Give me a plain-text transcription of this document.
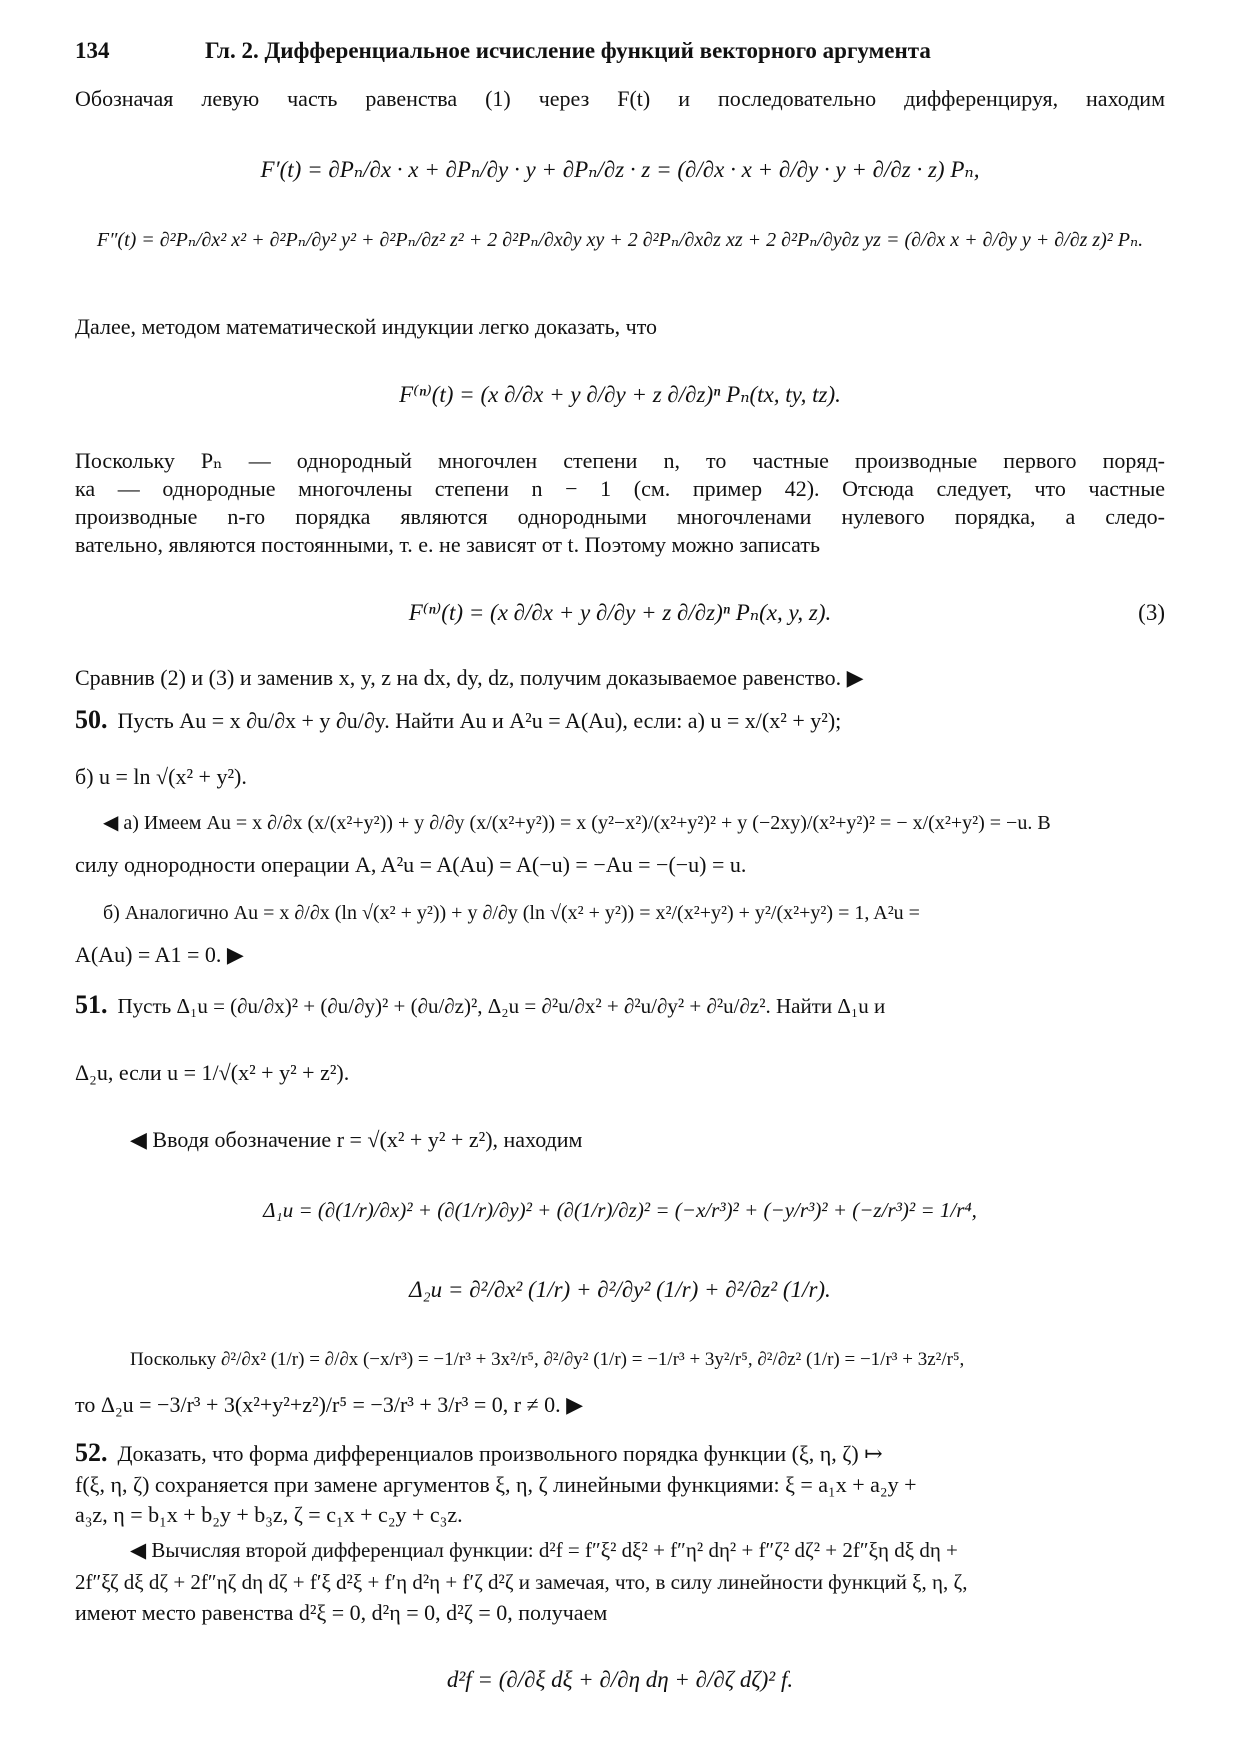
134	Гл. 2. Дифференциальное исчисление функций векторного аргумента
Обозначая левую часть равенства (1) через F(t) и последовательно дифференцируя, находим
F′(t) = ∂Pₙ/∂x · x + ∂Pₙ/∂y · y + ∂Pₙ/∂z · z = (∂/∂x · x + ∂/∂y · y + ∂/∂z · z) Pₙ,
F″(t) = ∂²Pₙ/∂x² x² + ∂²Pₙ/∂y² y² + ∂²Pₙ/∂z² z² + 2 ∂²Pₙ/∂x∂y xy + 2 ∂²Pₙ/∂x∂z xz + 2 ∂²Pₙ/∂y∂z yz = (∂/∂x x + ∂/∂y y + ∂/∂z z)² Pₙ.
Далее, методом математической индукции легко доказать, что
F⁽ⁿ⁾(t) = (x ∂/∂x + y ∂/∂y + z ∂/∂z)ⁿ Pₙ(tx, ty, tz).
Поскольку Pₙ — однородный многочлен степени n, то частные производные первого поряд-
ка — однородные многочлены степени n − 1 (см. пример 42). Отсюда следует, что частные
производные n-го порядка являются однородными многочленами нулевого порядка, а следо-
вательно, являются постоянными, т. е. не зависят от t. Поэтому можно записать
F⁽ⁿ⁾(t) = (x ∂/∂x + y ∂/∂y + z ∂/∂z)ⁿ Pₙ(x, y, z).	(3)
Сравнив (2) и (3) и заменив x, y, z на dx, dy, dz, получим доказываемое равенство. ▶
50. Пусть Au = x ∂u/∂x + y ∂u/∂y. Найти Au и A²u = A(Au), если: а) u = x/(x² + y²);
б) u = ln √(x² + y²).
◀ а) Имеем Au = x ∂/∂x (x/(x²+y²)) + y ∂/∂y (x/(x²+y²)) = x (y²−x²)/(x²+y²)² + y (−2xy)/(x²+y²)² = − x/(x²+y²) = −u. В
силу однородности операции A, A²u = A(Au) = A(−u) = −Au = −(−u) = u.
б) Аналогично Au = x ∂/∂x (ln √(x² + y²)) + y ∂/∂y (ln √(x² + y²)) = x²/(x²+y²) + y²/(x²+y²) = 1, A²u =
A(Au) = A1 = 0. ▶
51. Пусть Δ₁u = (∂u/∂x)² + (∂u/∂y)² + (∂u/∂z)², Δ₂u = ∂²u/∂x² + ∂²u/∂y² + ∂²u/∂z². Найти Δ₁u и
Δ₂u, если u = 1/√(x² + y² + z²).
◀ Вводя обозначение r = √(x² + y² + z²), находим
Δ₁u = (∂(1/r)/∂x)² + (∂(1/r)/∂y)² + (∂(1/r)/∂z)² = (−x/r³)² + (−y/r³)² + (−z/r³)² = 1/r⁴,
Δ₂u = ∂²/∂x² (1/r) + ∂²/∂y² (1/r) + ∂²/∂z² (1/r).
Поскольку ∂²/∂x² (1/r) = ∂/∂x (−x/r³) = −1/r³ + 3x²/r⁵, ∂²/∂y² (1/r) = −1/r³ + 3y²/r⁵, ∂²/∂z² (1/r) = −1/r³ + 3z²/r⁵,
то Δ₂u = −3/r³ + 3(x²+y²+z²)/r⁵ = −3/r³ + 3/r³ = 0, r ≠ 0. ▶
52. Доказать, что форма дифференциалов произвольного порядка функции (ξ, η, ζ) ↦
f(ξ, η, ζ) сохраняется при замене аргументов ξ, η, ζ линейными функциями: ξ = a₁x + a₂y +
a₃z, η = b₁x + b₂y + b₃z, ζ = c₁x + c₂y + c₃z.
◀ Вычисляя второй дифференциал функции: d²f = f″ξ² dξ² + f″η² dη² + f″ζ² dζ² + 2f″ξη dξ dη +
2f″ξζ dξ dζ + 2f″ηζ dη dζ + f′ξ d²ξ + f′η d²η + f′ζ d²ζ и замечая, что, в силу линейности функций ξ, η, ζ,
имеют место равенства d²ξ = 0, d²η = 0, d²ζ = 0, получаем
d²f = (∂/∂ξ dξ + ∂/∂η dη + ∂/∂ζ dζ)² f.
